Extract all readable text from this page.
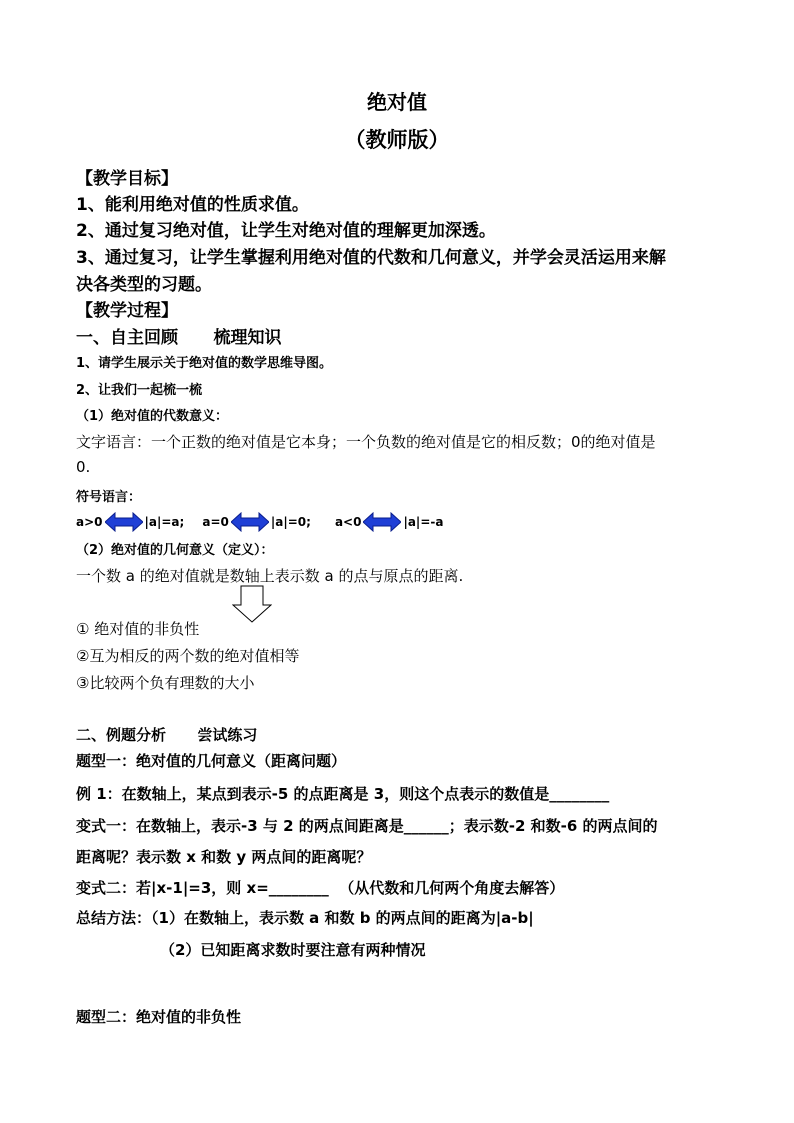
绝对值
（教师版）
【教学目标】
1、能利用绝对值的性质求值。
2、通过复习绝对值，让学生对绝对值的理解更加深透。
3、通过复习，让学生掌握利用绝对值的代数和几何意义，并学会灵活运用来解
决各类型的习题。
【教学过程】
一、自主回顾      梳理知识
1、请学生展示关于绝对值的数学思维导图。
2、让我们一起梳一梳
（1）绝对值的代数意义：
文字语言：一个正数的绝对值是它本身；一个负数的绝对值是它的相反数；0的绝对值是
0.
符号语言：
a>0	|a|=a; a=0	|a|=0; a<0	|a|=-a
（2）绝对值的几何意义（定义）：
一个数 a 的绝对值就是数轴上表示数 a 的点与原点的距离.
① 绝对值的非负性
②互为相反的两个数的绝对值相等
③比较两个负有理数的大小
二、例题分析      尝试练习
题型一：绝对值的几何意义（距离问题）
例 1：在数轴上，某点到表示-5 的点距离是 3，则这个点表示的数值是________
变式一：在数轴上，表示-3 与 2 的两点间距离是______；表示数-2 和数-6 的两点间的
距离呢？表示数 x 和数 y 两点间的距离呢？
变式二：若|x-1|=3，则 x=________  （从代数和几何两个角度去解答）
总结方法：（1）在数轴上，表示数 a 和数 b 的两点间的距离为|a-b|
（2）已知距离求数时要注意有两种情况
题型二：绝对值的非负性
